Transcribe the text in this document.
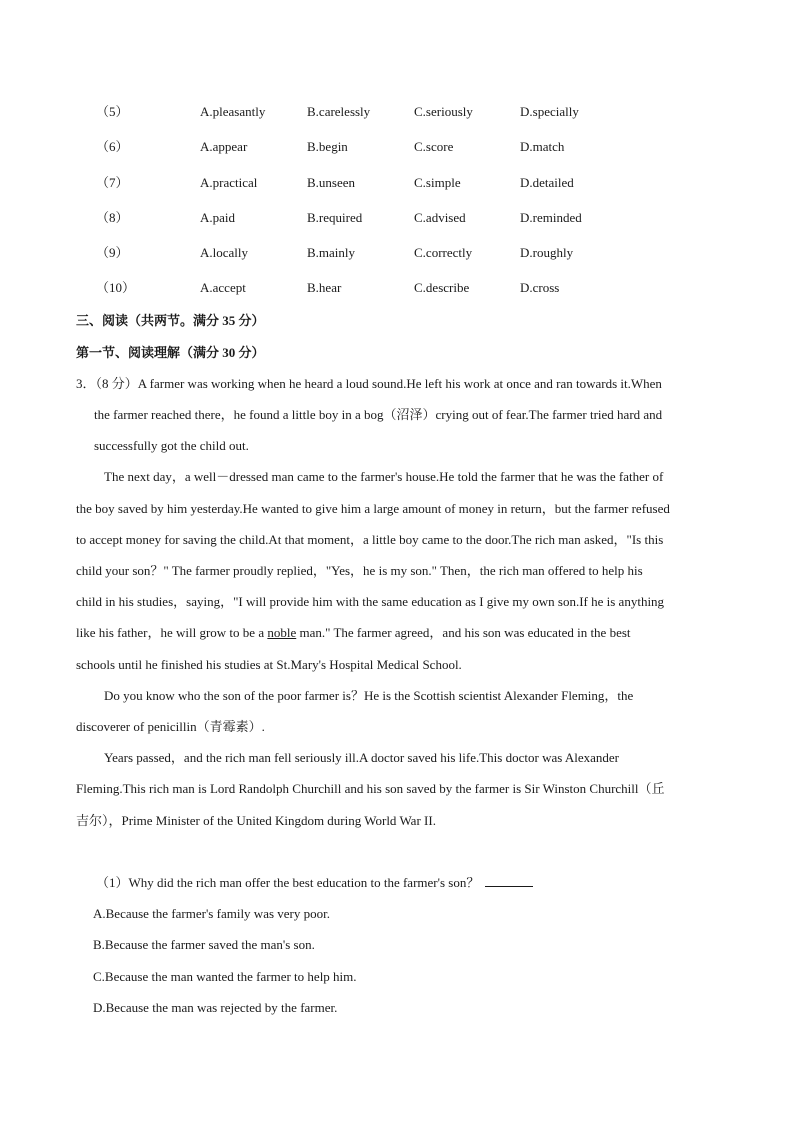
（5）	A.pleasantly	B.carelessly	C.seriously	D.specially
（6）	A.appear	B.begin	C.score	D.match
（7）	A.practical	B.unseen	C.simple	D.detailed
（8）	A.paid	B.required	C.advised	D.reminded
（9）	A.locally	B.mainly	C.correctly	D.roughly
（10）	A.accept	B.hear	C.describe	D.cross
三、阅读（共两节。满分 35 分）
第一节、阅读理解（满分 30 分）
3．（8 分）A farmer was working when he heard a loud sound.He left his work at once and ran towards it.When
the farmer reached there，he found a little boy in a bog（沼泽）crying out of fear.The farmer tried hard and
successfully got the child out.
The next day，a well－dressed man came to the farmer's house.He told the farmer that he was the father of
the boy saved by him yesterday.He wanted to give him a large amount of money in return，but the farmer refused
to accept money for saving the child.At that moment，a little boy came to the door.The rich man asked，"Is this
child your son？" The farmer proudly replied，"Yes，he is my son." Then，the rich man offered to help his
child in his studies，saying，"I will provide him with the same education as I give my own son.If he is anything
like his father，he will grow to be a noble man." The farmer agreed，and his son was educated in the best
schools until he finished his studies at St.Mary's Hospital Medical School.
Do you know who the son of the poor farmer is？He is the Scottish scientist Alexander Fleming，the
discoverer of penicillin（青霉素）.
Years passed，and the rich man fell seriously ill.A doctor saved his life.This doctor was Alexander
Fleming.This rich man is Lord Randolph Churchill and his son saved by the farmer is Sir Winston Churchill（丘
吉尔），Prime Minister of the United Kingdom during World War II.
（1）Why did the rich man offer the best education to the farmer's son？
A.Because the farmer's family was very poor.
B.Because the farmer saved the man's son.
C.Because the man wanted the farmer to help him.
D.Because the man was rejected by the farmer.
